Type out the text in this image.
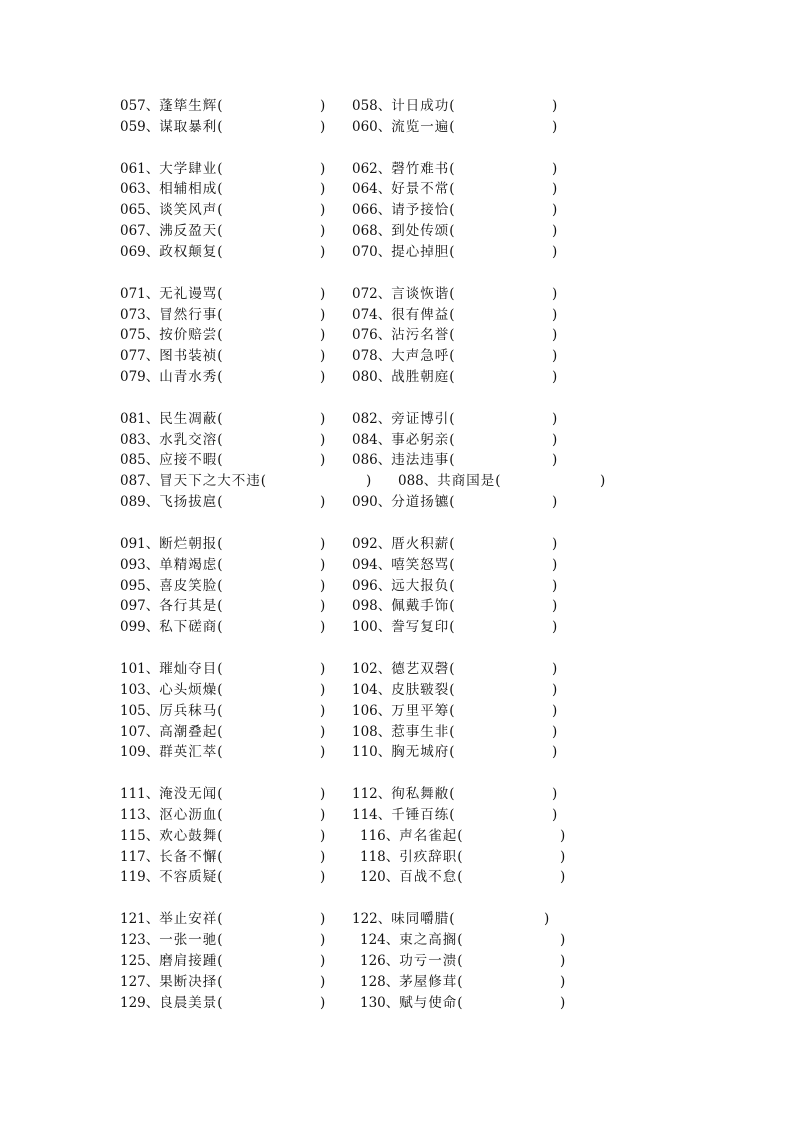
057、蓬筚生辉(	) 058、计日成功(	)
059、谋取暴利(	) 060、流览一遍(	)
061、大学肆业(	) 062、磬竹难书(	)
063、相辅相成(	) 064、好景不常(	)
065、谈笑风声(	) 066、请予接恰(	)
067、沸反盈天(	) 068、到处传颂(	)
069、政权颠复(	) 070、提心掉胆(	)
071、无礼谩骂(	) 072、言谈恢谐(	)
073、冒然行事(	) 074、很有俾益(	)
075、按价赔尝(	) 076、沾污名誉(	)
077、图书装祯(	) 078、大声急呼(	)
079、山青水秀(	) 080、战胜朝庭(	)
081、民生凋蔽(	) 082、旁证博引(	)
083、水乳交溶(	) 084、事必躬亲(	)
085、应接不暇(	) 086、违法违事(	)
087、冒天下之大不违(	) 088、共商国是(	)
089、飞扬拔扈(	) 090、分道扬镳(	)
091、断烂朝报(	) 092、厝火积薪(	)
093、单精竭虑(	) 094、嘻笑怒骂(	)
095、喜皮笑脸(	) 096、远大报负(	)
097、各行其是(	) 098、佩戴手饰(	)
099、私下磋商(	) 100、誊写复印(	)
101、璀灿夺目(	) 102、德艺双磬(	)
103、心头烦燥(	) 104、皮肤皲裂(	)
105、厉兵秣马(	) 106、万里平筹(	)
107、高潮叠起(	) 108、惹事生非(	)
109、群英汇萃(	) 110、胸无城府(	)
111、淹没无闻(	) 112、徇私舞敝(	)
113、沤心沥血(	) 114、千锤百练(	)
115、欢心鼓舞(	)	116、声名雀起(	)
117、长备不懈(	)	118、引疚辞职(	)
119、不容质疑(	)	120、百战不怠(	)
121、举止安祥(	) 122、味同嚼腊(	)
123、一张一驰(	)	124、束之高搁(	)
125、磨肩接踵(	)	126、功亏一溃(	)
127、果断决择(	)	128、茅屋修茸(	)
129、良晨美景(	)	130、赋与使命(	)
